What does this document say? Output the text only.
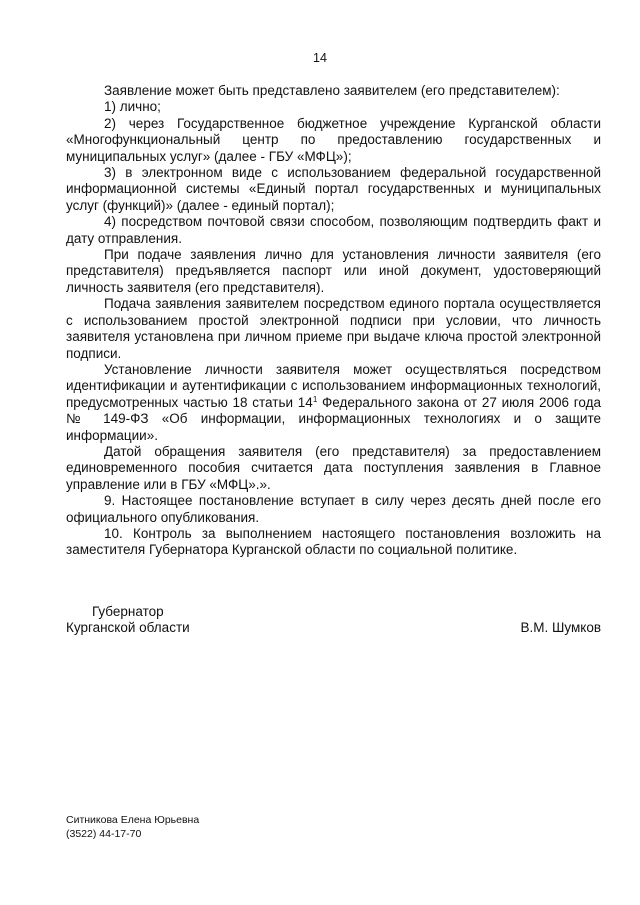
14

Заявление может быть представлено заявителем (его представителем):

1) лично;

2) через Государственное бюджетное учреждение Курганской области «Многофункциональный центр по предоставлению государственных и муниципальных услуг» (далее - ГБУ «МФЦ»);

3) в электронном виде с использованием федеральной государственной информационной системы «Единый портал государственных и муниципальных услуг (функций)» (далее - единый портал);

4) посредством почтовой связи способом, позволяющим подтвердить факт и дату отправления.

При подаче заявления лично для установления личности заявителя (его представителя) предъявляется паспорт или иной документ, удостоверяющий личность заявителя (его представителя).

Подача заявления заявителем посредством единого портала осуществляется с использованием простой электронной подписи при условии, что личность заявителя установлена при личном приеме при выдаче ключа простой электронной подписи.

Установление личности заявителя может осуществляться посредством идентификации и аутентификации с использованием информационных технологий, предусмотренных частью 18 статьи $14^1$ Федерального закона от 27 июля 2006 года № 149-ФЗ «Об информации, информационных технологиях и о защите информации».

Датой обращения заявителя (его представителя) за предоставлением единовременного пособия считается дата поступления заявления в Главное управление или в ГБУ «МФЦ».».

9. Настоящее постановление вступает в силу через десять дней после его официального опубликования.

10. Контроль за выполнением настоящего постановления возложить на заместителя Губернатора Курганской области по социальной политике.

Губернатор
Курганской области	В.М. Шумков
Ситникова Елена Юрьевна
(3522) 44-17-70
